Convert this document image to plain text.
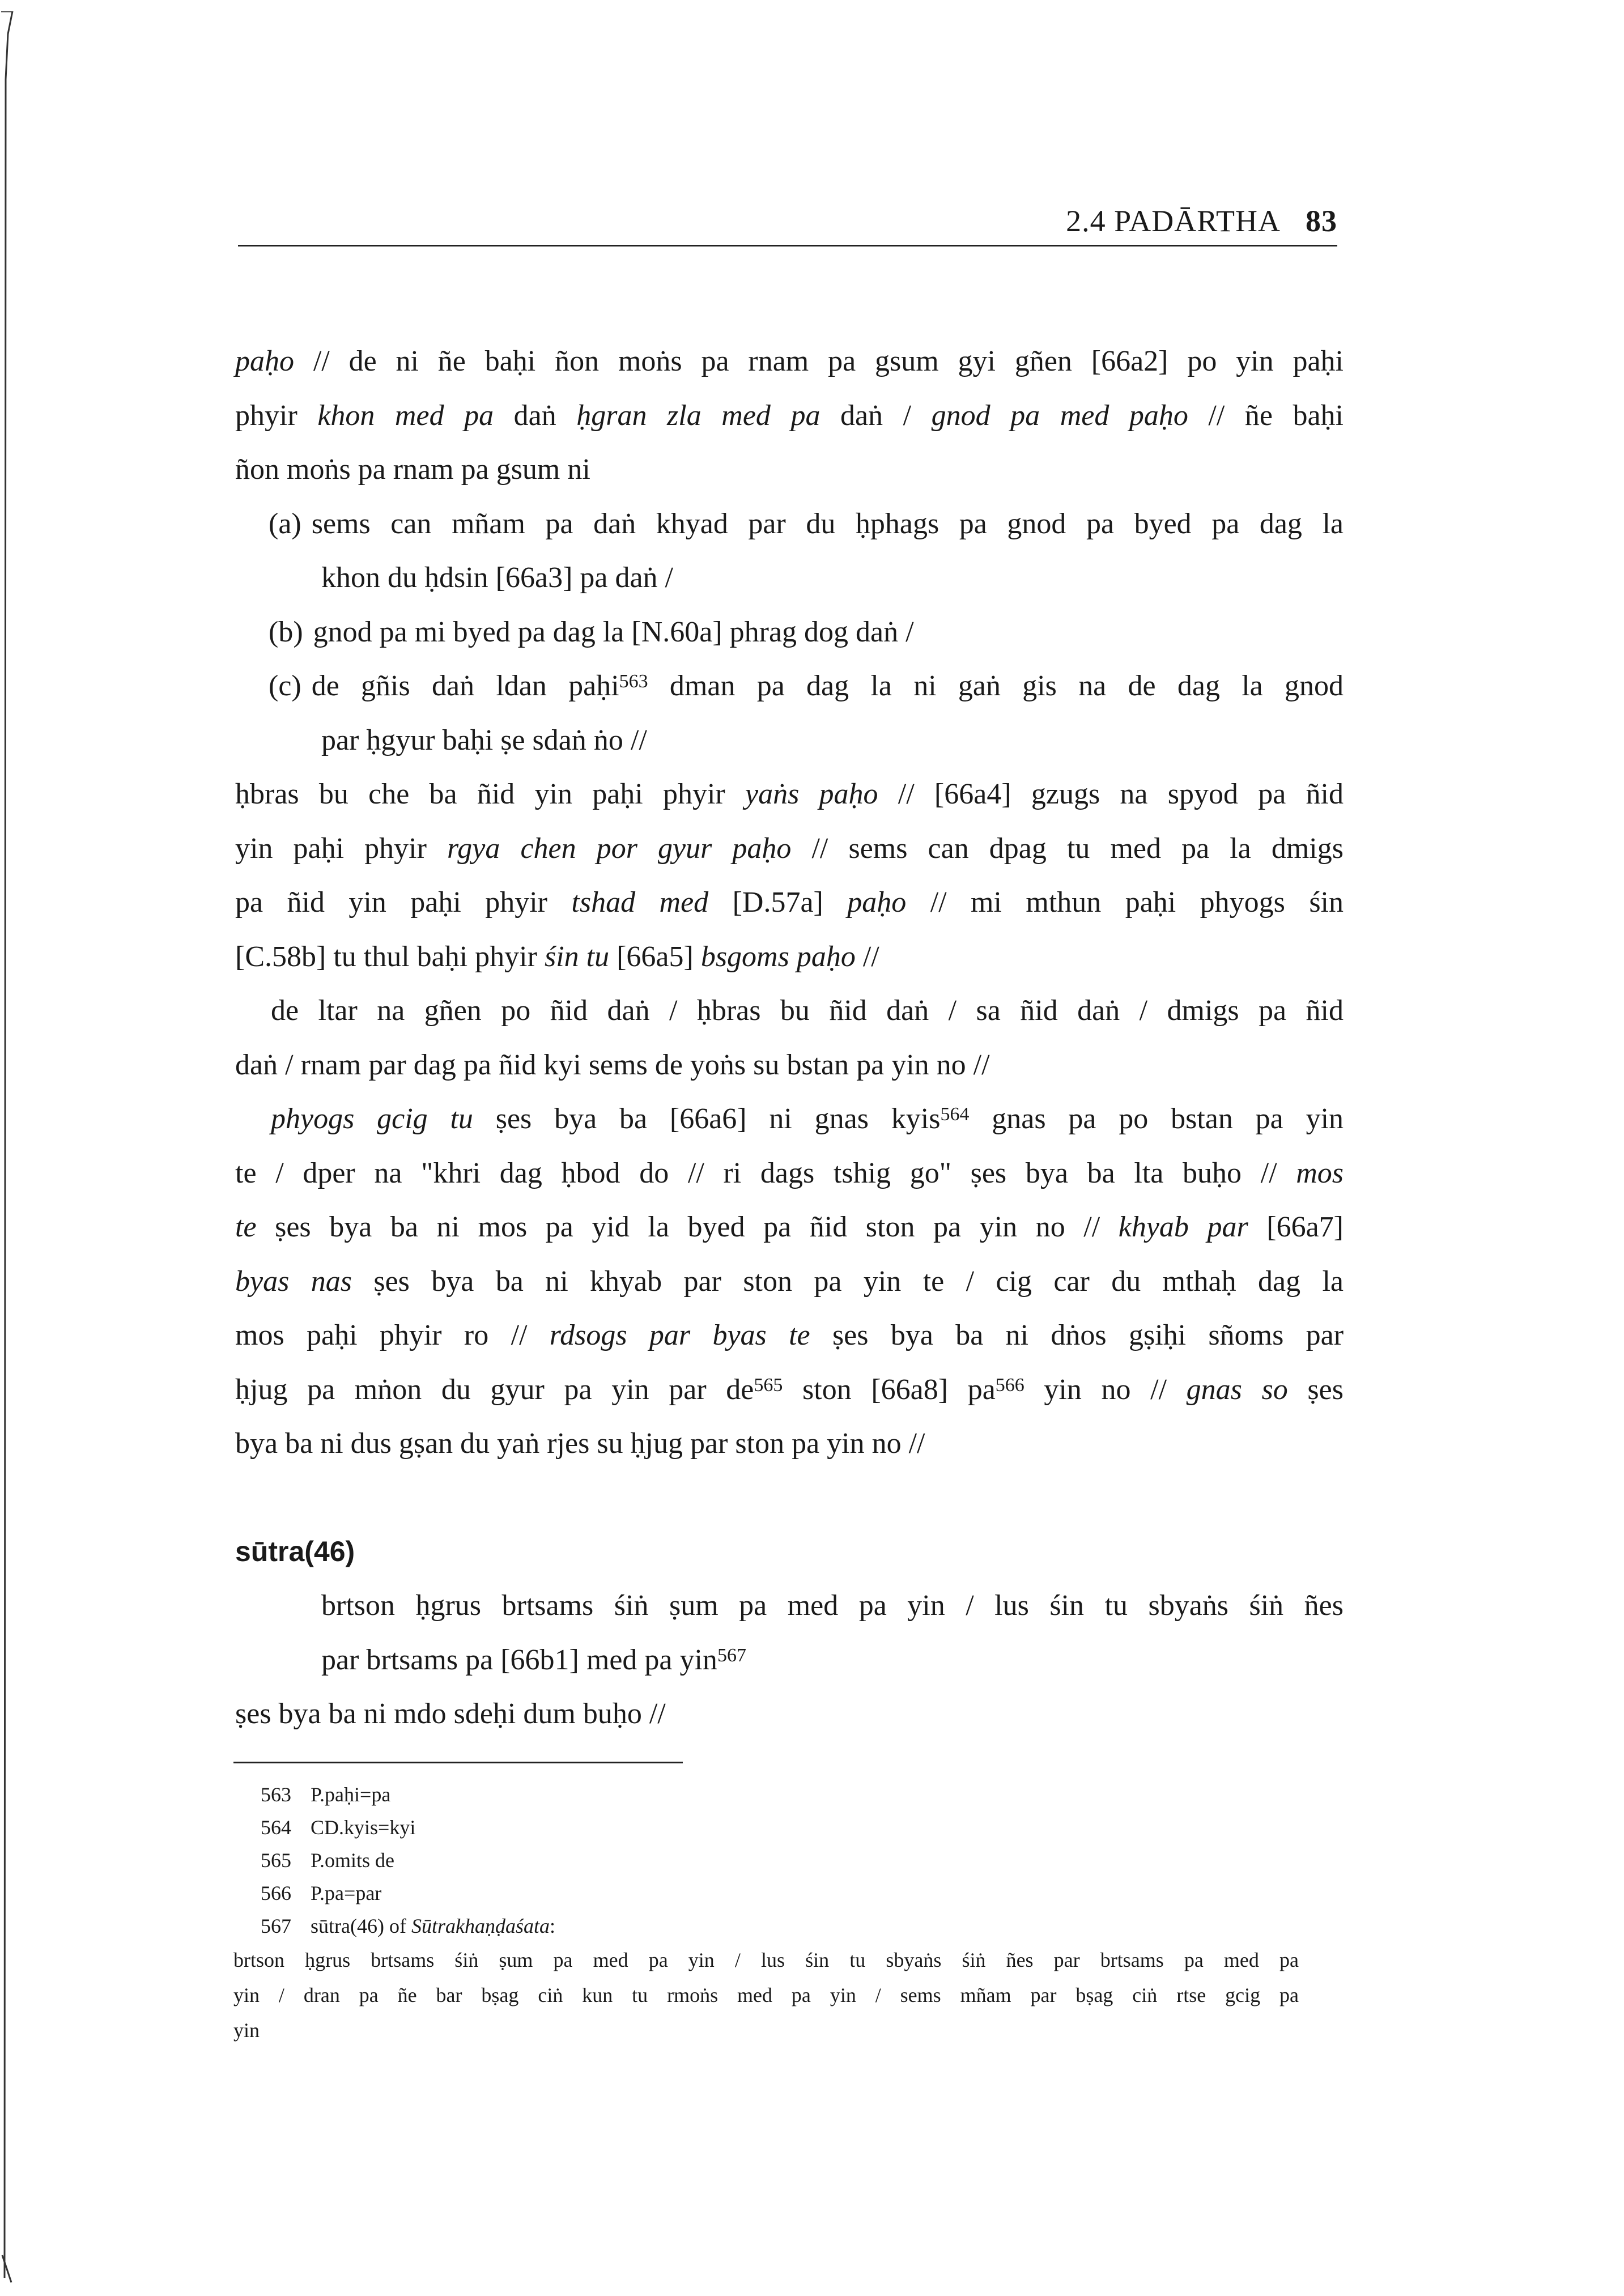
2.4 PADĀRTHA 83
paḥo // de ni ñe baḥi ñon moṅs pa rnam pa gsum gyi gñen [66a2] po yin paḥi
phyir khon med pa daṅ ḥgran zla med pa daṅ / gnod pa med paḥo // ñe baḥi
ñon moṅs pa rnam pa gsum ni
(a) sems can mñam pa daṅ khyad par du ḥphags pa gnod pa byed pa dag la
khon du ḥdsin [66a3] pa daṅ /
(b) gnod pa mi byed pa dag la [N.60a] phrag dog daṅ /
(c) de gñis daṅ ldan paḥi$^{563}$ dman pa dag la ni gaṅ gis na de dag la gnod
par ḥgyur baḥi ṣe sdaṅ ṅo //
ḥbras bu che ba ñid yin paḥi phyir yaṅs paḥo // [66a4] gzugs na spyod pa ñid
yin paḥi phyir rgya chen por gyur paḥo // sems can dpag tu med pa la dmigs
pa ñid yin paḥi phyir tshad med [D.57a] paḥo // mi mthun paḥi phyogs śin
[C.58b] tu thul baḥi phyir śin tu [66a5] bsgoms paḥo //
de ltar na gñen po ñid daṅ / ḥbras bu ñid daṅ / sa ñid daṅ / dmigs pa ñid
daṅ / rnam par dag pa ñid kyi sems de yoṅs su bstan pa yin no //
phyogs gcig tu ṣes bya ba [66a6] ni gnas kyis$^{564}$ gnas pa po bstan pa yin
te / dper na "khri dag ḥbod do // ri dags tshig go" ṣes bya ba lta buḥo // mos
te ṣes bya ba ni mos pa yid la byed pa ñid ston pa yin no // khyab par [66a7]
byas nas ṣes bya ba ni khyab par ston pa yin te / cig car du mthaḥ dag la
mos paḥi phyir ro // rdsogs par byas te ṣes bya ba ni dṅos gṣiḥi sñoms par
ḥjug pa mṅon du gyur pa yin par $de^{565}$ ston [66a8] $pa^{566}$ yin no // gnas so ṣes
bya ba ni dus gṣan du yaṅ rjes su ḥjug par ston pa yin no //
sūtra(46)
brtson ḥgrus brtsams śiṅ ṣum pa med pa yin / lus śin tu sbyaṅs śiṅ ñes
par brtsams pa [66b1] med pa yin$^{567}$
ṣes bya ba ni mdo sdeḥi dum buḥo //
563 P.paḥi=pa
564 CD.kyis=kyi
565 P.omits de
566 P.pa=par
567 sūtra(46) of Sūtrakhaṇḍaśata:
brtson ḥgrus brtsams śiṅ ṣum pa med pa yin / lus śin tu sbyaṅs śiṅ ñes par brtsams pa med pa
yin / dran pa ñe bar bṣag ciṅ kun tu rmoṅs med pa yin / sems mñam par bṣag ciṅ rtse gcig pa
yin
